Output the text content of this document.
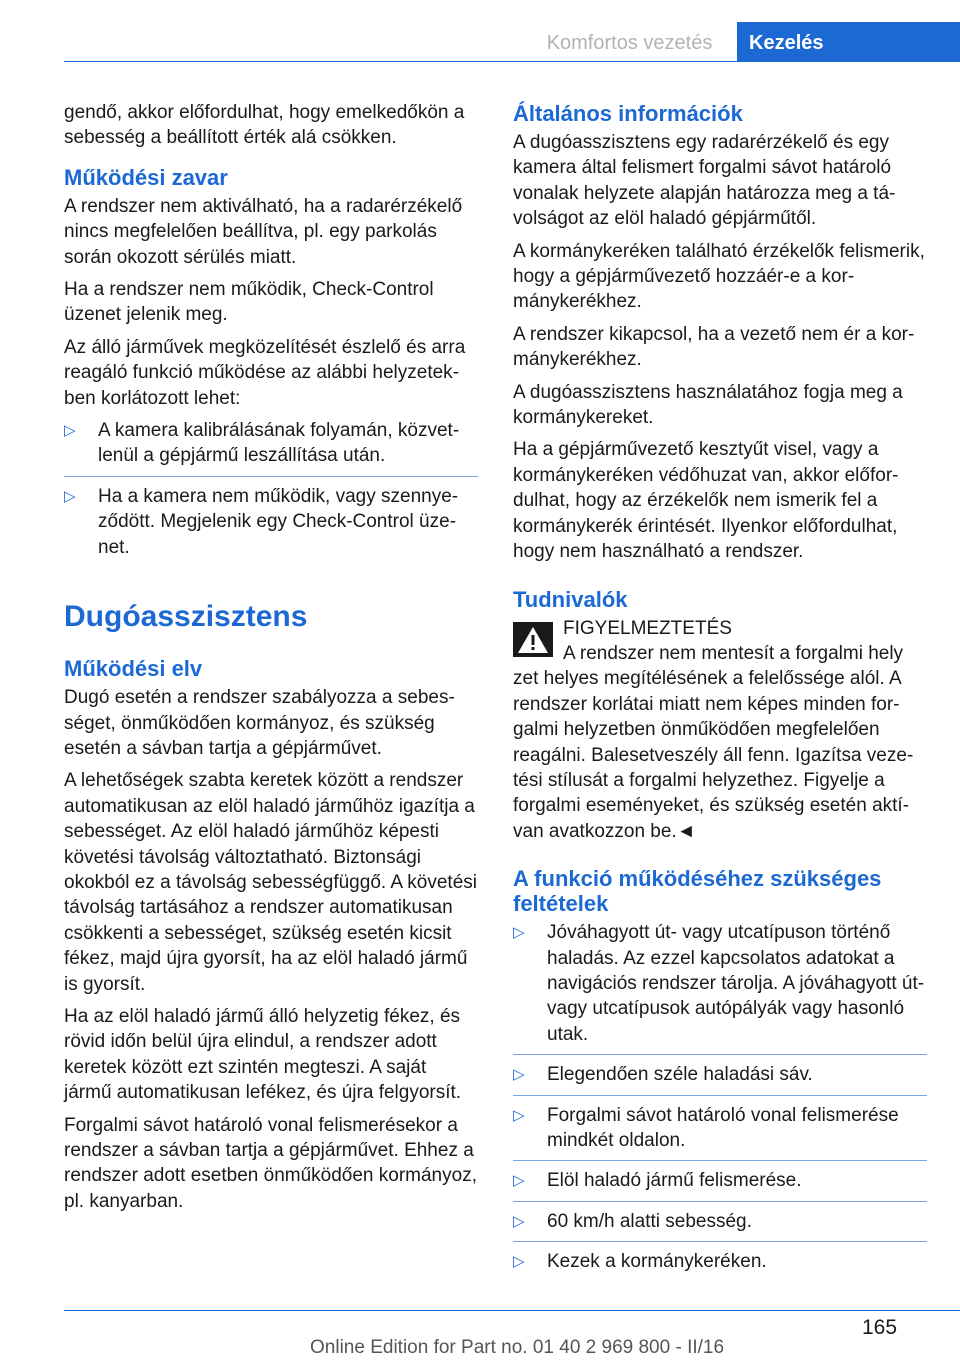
Komfortos vezetés	Kezelés

gendő, akkor előfordulhat, hogy emelkedőkön a sebesség a beállított érték alá csökken.

Működési zavar

A rendszer nem aktiválható, ha a radarérzékelő nincs megfelelően beállítva, pl. egy parkolás során okozott sérülés miatt.

Ha a rendszer nem működik, Check-Control üzenet jelenik meg.

Az álló járművek megközelítését észlelő és arra reagáló funkció működése az alábbi helyzetekben korlátozott lehet:

▷ A kamera kalibrálásának folyamán, közvetlenül a gépjármű leszállítása után.
▷ Ha a kamera nem működik, vagy szennyeződött. Megjelenik egy Check-Control üzenet.
Dugóasszisztens
Működési elv

Dugó esetén a rendszer szabályozza a sebességet, önműködően kormányoz, és szükség esetén a sávban tartja a gépjárművet.

A lehetőségek szabta keretek között a rendszer automatikusan az elöl haladó járműhöz igazítja a sebességet. Az elöl haladó járműhöz képesti követési távolság változtatható. Biztonsági okokból ez a távolság sebességfüggő. A követési távolság tartásához a rendszer automatikusan csökkenti a sebességet, szükség esetén kicsit fékez, majd újra gyorsít, ha az elöl haladó jármű is gyorsít.

Ha az elöl haladó jármű álló helyzetig fékez, és rövid időn belül újra elindul, a rendszer adott keretek között ezt szintén megteszi. A saját jármű automatikusan lefékez, és újra felgyorsít.

Forgalmi sávot határoló vonal felismerésekor a rendszer a sávban tartja a gépjárművet. Ehhez a rendszer adott esetben önműködően kormányoz, pl. kanyarban.

Általános információk

A dugóasszisztens egy radarérzékelő és egy kamera által felismert forgalmi sávot határoló vonalak helyzete alapján határozza meg a távolságot az elöl haladó gépjárműtől.

A kormánykeréken található érzékelők felismerik, hogy a gépjárművezető hozzáér-e a kormánykerékhez.

A rendszer kikapcsol, ha a vezető nem ér a kormánykerékhez.

A dugóasszisztens használatához fogja meg a kormánykereket.

Ha a gépjárművezető kesztyűt visel, vagy a kormánykeréken védőhuzat van, akkor előfordulhat, hogy az érzékelők nem ismerik fel a kormánykerék érintését. Ilyenkor előfordulhat, hogy nem használható a rendszer.

Tudnivalók

FIGYELMEZTETÉS

A rendszer nem mentesít a forgalmi hely

zet helyes megítélésének a felelőssége alól. A rendszer korlátai miatt nem képes minden forgalmi helyzetben önműködően megfelelően reagálni. Balesetveszély áll fenn. Igazítsa vezetési stílusát a forgalmi helyzethez. Figyelje a forgalmi eseményeket, és szükség esetén aktívan avatkozzon be.◄

A funkció működéséhez szükséges feltételek
▷ Jóváhagyott út- vagy utcatípuson történő haladás. Az ezzel kapcsolatos adatokat a navigációs rendszer tárolja. A jóváhagyott út- vagy utcatípusok autópályák vagy hasonló utak.
▷ Elegendően széle haladási sáv.
▷ Forgalmi sávot határoló vonal felismerése mindkét oldalon.
▷ Elöl haladó jármű felismerése.
▷ 60 km/h alatti sebesség.
▷ Kezek a kormánykeréken.
165
Online Edition for Part no. 01 40 2 969 800 - II/16
